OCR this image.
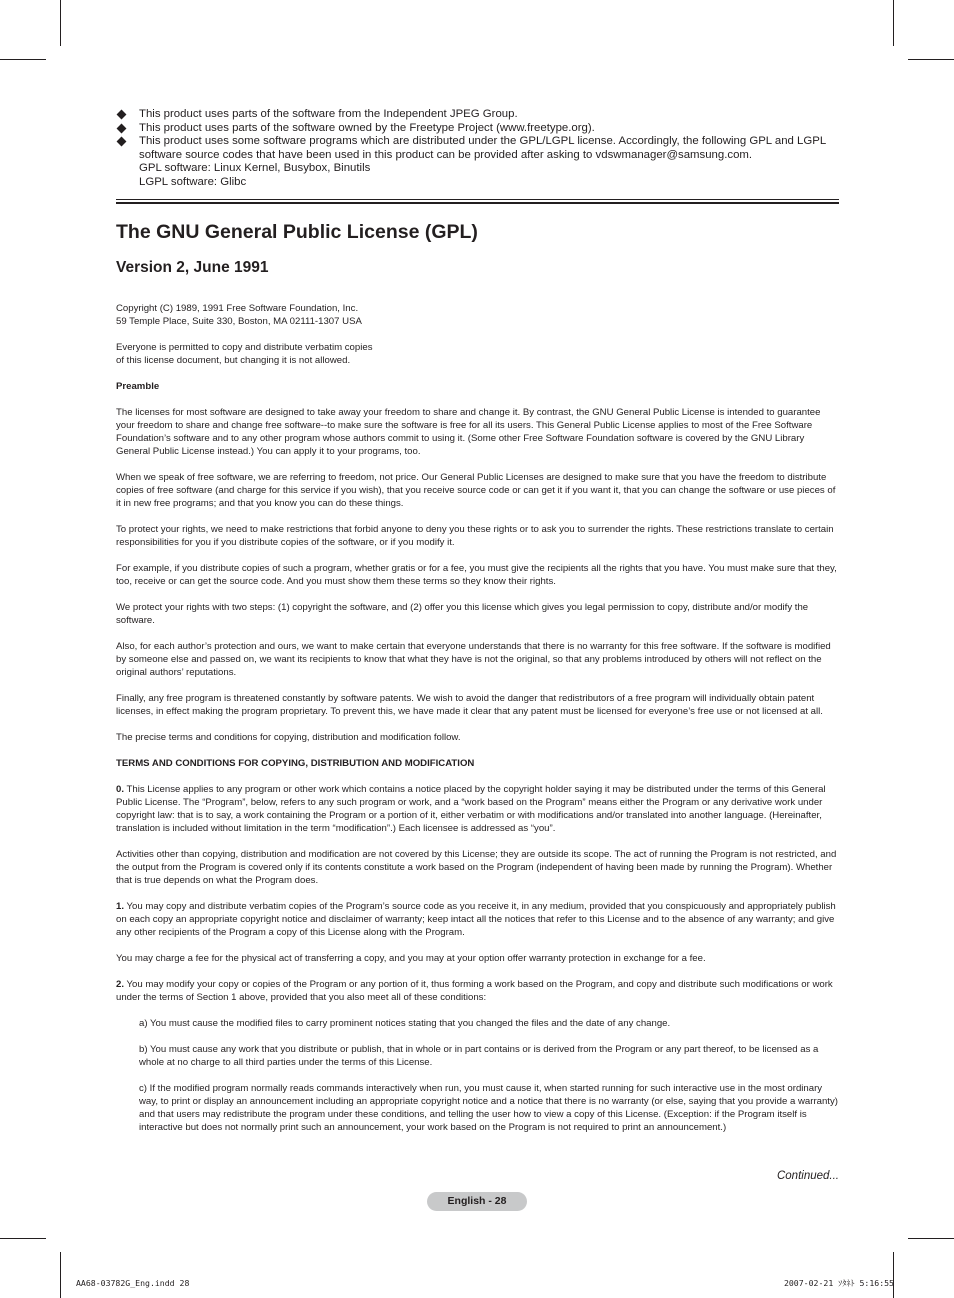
This product uses parts of the software from the Independent JPEG Group.
This product uses parts of the software owned by the Freetype Project (www.freetype.org).
This product uses some software programs which are distributed under the GPL/LGPL license. Accordingly, the following GPL and LGPL software source codes that have been used in this product can be provided after asking to vdswmanager@samsung.com.
GPL software: Linux Kernel, Busybox, Binutils
LGPL software: Glibc
The GNU General Public License (GPL)
Version 2, June 1991

Copyright (C) 1989, 1991 Free Software Foundation, Inc.
59 Temple Place, Suite 330, Boston, MA 02111-1307 USA

Everyone is permitted to copy and distribute verbatim copies
of this license document, but changing it is not allowed.

Preamble

The licenses for most software are designed to take away your freedom to share and change it. By contrast, the GNU General Public License is intended to guarantee your freedom to share and change free software--to make sure the software is free for all its users. This General Public License applies to most of the Free Software Foundation’s software and to any other program whose authors commit to using it. (Some other Free Software Foundation software is covered by the GNU Library General Public License instead.) You can apply it to your programs, too.

When we speak of free software, we are referring to freedom, not price. Our General Public Licenses are designed to make sure that you have the freedom to distribute copies of free software (and charge for this service if you wish), that you receive source code or can get it if you want it, that you can change the software or use pieces of it in new free programs; and that you know you can do these things.

To protect your rights, we need to make restrictions that forbid anyone to deny you these rights or to ask you to surrender the rights. These restrictions translate to certain responsibilities for you if you distribute copies of the software, or if you modify it.

For example, if you distribute copies of such a program, whether gratis or for a fee, you must give the recipients all the rights that you have. You must make sure that they, too, receive or can get the source code. And you must show them these terms so they know their rights.

We protect your rights with two steps: (1) copyright the software, and (2) offer you this license which gives you legal permission to copy, distribute and/or modify the software.

Also, for each author’s protection and ours, we want to make certain that everyone understands that there is no warranty for this free software. If the software is modified by someone else and passed on, we want its recipients to know that what they have is not the original, so that any problems introduced by others will not reflect on the original authors’ reputations.

Finally, any free program is threatened constantly by software patents. We wish to avoid the danger that redistributors of a free program will individually obtain patent licenses, in effect making the program proprietary. To prevent this, we have made it clear that any patent must be licensed for everyone’s free use or not licensed at all.

The precise terms and conditions for copying, distribution and modification follow.

TERMS AND CONDITIONS FOR COPYING, DISTRIBUTION AND MODIFICATION

0. This License applies to any program or other work which contains a notice placed by the copyright holder saying it may be distributed under the terms of this General Public License. The “Program”, below, refers to any such program or work, and a “work based on the Program” means either the Program or any derivative work under copyright law: that is to say, a work containing the Program or a portion of it, either verbatim or with modifications and/or translated into another language. (Hereinafter, translation is included without limitation in the term “modification”.) Each licensee is addressed as “you”.

Activities other than copying, distribution and modification are not covered by this License; they are outside its scope. The act of running the Program is not restricted, and the output from the Program is covered only if its contents constitute a work based on the Program (independent of having been made by running the Program). Whether that is true depends on what the Program does.

1. You may copy and distribute verbatim copies of the Program’s source code as you receive it, in any medium, provided that you conspicuously and appropriately publish on each copy an appropriate copyright notice and disclaimer of warranty; keep intact all the notices that refer to this License and to the absence of any warranty; and give any other recipients of the Program a copy of this License along with the Program.

You may charge a fee for the physical act of transferring a copy, and you may at your option offer warranty protection in exchange for a fee.

2. You may modify your copy or copies of the Program or any portion of it, thus forming a work based on the Program, and copy and distribute such modifications or work under the terms of Section 1 above, provided that you also meet all of these conditions:

a) You must cause the modified files to carry prominent notices stating that you changed the files and the date of any change.

b) You must cause any work that you distribute or publish, that in whole or in part contains or is derived from the Program or any part thereof, to be licensed as a whole at no charge to all third parties under the terms of this License.

c) If the modified program normally reads commands interactively when run, you must cause it, when started running for such interactive use in the most ordinary way, to print or display an announcement including an appropriate copyright notice and a notice that there is no warranty (or else, saying that you provide a warranty) and that users may redistribute the program under these conditions, and telling the user how to view a copy of this License. (Exception: if the Program itself is interactive but does not normally print such an announcement, your work based on the Program is not required to print an announcement.)

Continued...
English - 28
AA68-03782G_Eng.indd 28	2007-02-21 ｿﾀﾈﾄ 5:16:55
